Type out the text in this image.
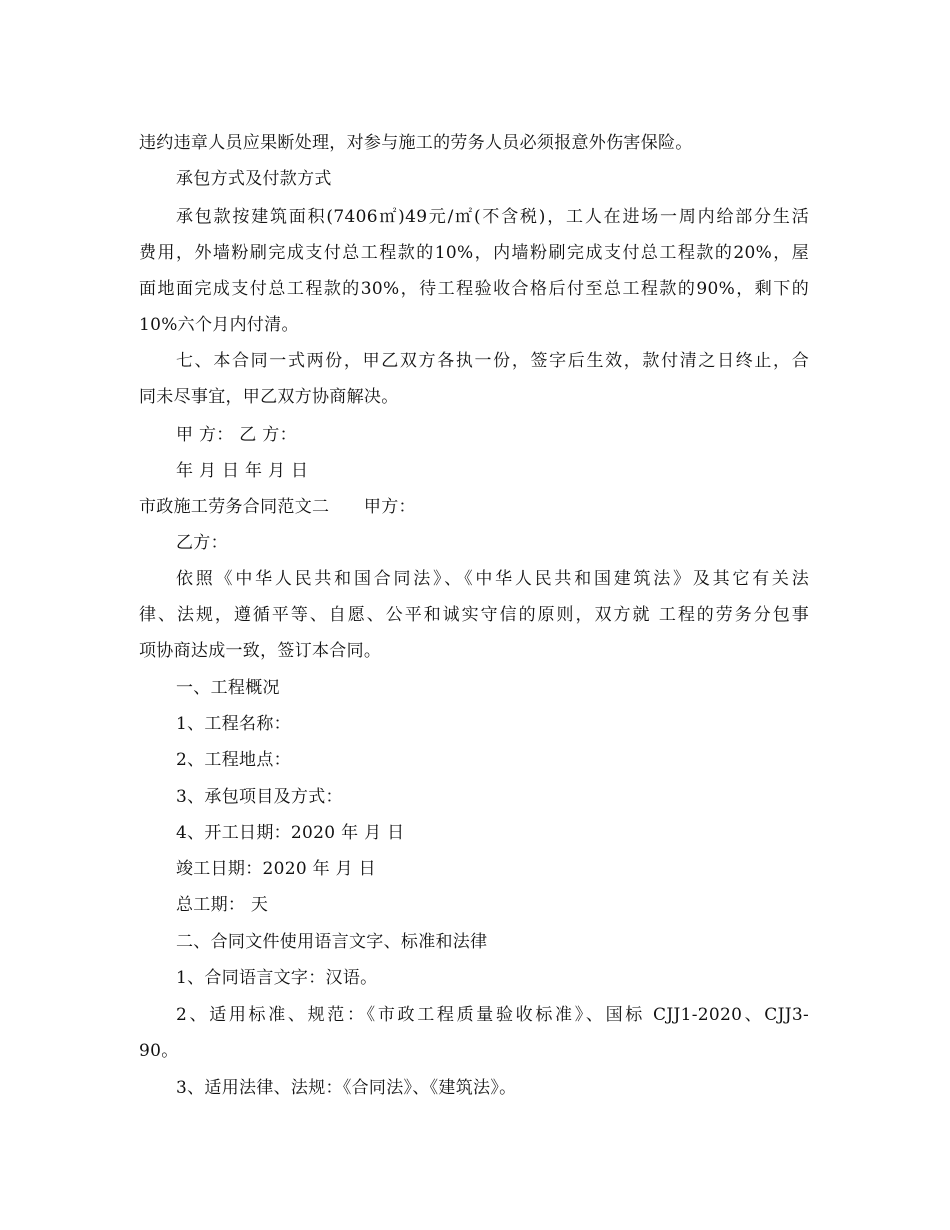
违约违章人员应果断处理，对参与施工的劳务人员必须报意外伤害保险。
承包方式及付款方式
承包款按建筑面积(7406㎡)49元/㎡(不含税)，工人在进场一周内给部分生活
费用，外墙粉刷完成支付总工程款的10%，内墙粉刷完成支付总工程款的20%，屋
面地面完成支付总工程款的30%，待工程验收合格后付至总工程款的90%，剩下的
10%六个月内付清。
七、本合同一式两份，甲乙双方各执一份，签字后生效，款付清之日终止，合
同未尽事宜，甲乙双方协商解决。
甲 方： 乙 方：
年 月 日 年 月 日
市政施工劳务合同范文二　　甲方：
乙方：
依照《中华人民共和国合同法》、《中华人民共和国建筑法》及其它有关法
律、法规，遵循平等、自愿、公平和诚实守信的原则，双方就 工程的劳务分包事
项协商达成一致，签订本合同。
一、工程概况
1、工程名称：
2、工程地点：
3、承包项目及方式：
4、开工日期：2020 年 月 日
竣工日期：2020 年 月 日
总工期： 天
二、合同文件使用语言文字、标准和法律
1、合同语言文字：汉语。
2、适用标准、规范：《市政工程质量验收标准》、国标 CJJ1-2020、CJJ3-
90。
3、适用法律、法规：《合同法》、《建筑法》。
